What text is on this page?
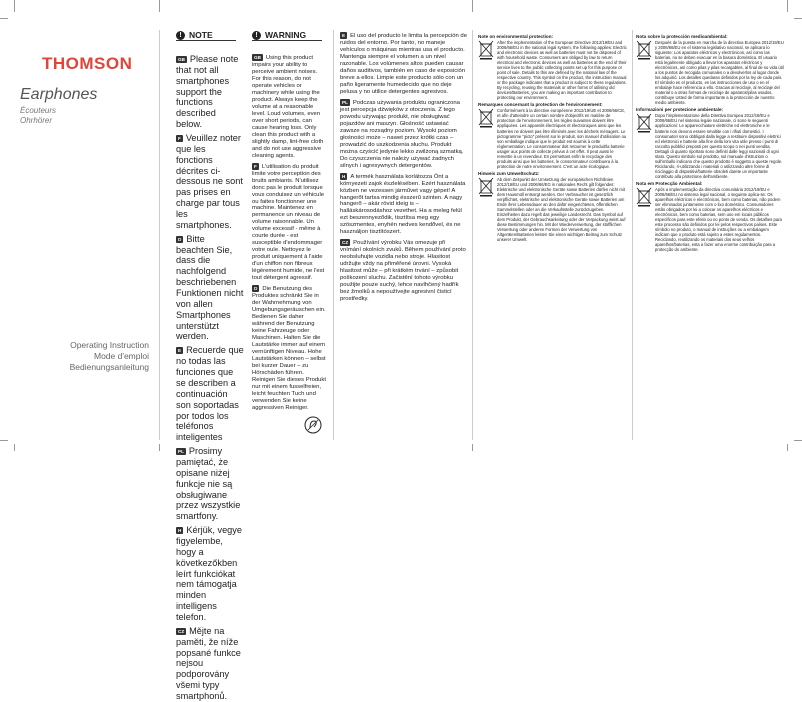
THOMSON
Earphones
Écouteurs
Ohrhörer
Operating Instruction
Mode d'emploi
Bedienungsanleitung
! NOTE

GB Please note that not all smartphones support the functions described below.

F Veuillez noter que les fonctions décrites ci-dessous ne sont pas prises en charge par tous les smartphones.

D Bitte beachten Sie, dass die nachfolgend beschriebenen Funktionen nicht von allen Smartphones unterstützt werden.

E Recuerde que no todas las funciones que se describen a continuación son soportadas por todos los teléfonos inteligentes

PL Prosimy pamiętać, że opisane niżej funkcje nie są obsługiwane przez wszystkie smartfony.

H Kérjük, vegye figyelembe, hogy a következőkben leírt funkciókat nem támogatja minden intelligens telefon.

CZ Mějte na paměti, že níže popsané funkce nejsou podporovány všemi typy smartphonů.

! WARNING

GB Using this product impairs your ability to perceive ambient noises. For this reason, do not operate vehicles or machinery while using the product. Always keep the volume at a reasonable level. Loud volumes, even over short periods, can cause hearing loss. Only clean this product with a slightly damp, lint-free cloth and do not use aggressive cleaning agents.

F L'utilisation du produit limite votre perception des bruits ambiants. N'utilisez donc pas le produit lorsque vous conduisez un véhicule ou faites fonctionner une machine. Maintenez en permanence un niveau de volume raisonnable. Un volume excessif - même à courte durée - est susceptible d'endommager votre ouïe. Nettoyez le produit uniquement à l'aide d'un chiffon non fibreux légèrement humide, ne l'est tout détergent agressif.

D Die Benutzung des Produktes schränkt Sie in der Wahrnehmung von Umgebungsgeräuschen ein. Bedienen Sie daher während der Benutzung keine Fahrzeuge oder Maschinen. Halten Sie die Lautstärke immer auf einem vernünftigen Niveau. Hohe Lautstärken können – selbst bei kurzer Dauer – zu Hörschäden führen. Reinigen Sie dieses Produkt nur mit einem fusselfreien, leicht feuchten Tuch und verwenden Sie keine aggressiven Reiniger.

E El uso del producto le limita la percepción de ruidos del entorno. Por tanto, no maneje vehículos o máquinas mientras usa el producto. Mantenga siempre el volumen a un nivel razonable. Los volúmenes altos pueden causar daños auditivos, también en caso de exposición breve a ellos. Limpie este producto sólo con un paño ligeramente humedecido que no deje pelusa y no utilice detergentes agresivos.

PL Podczas używania produktu ograniczona jest percepcja dźwięków z otoczenia. Z tego powodu używając produkt, nie obsługiwać pojazdów ani maszyn. Głośność ustawiać zawsze na rozsądny poziom. Wysoki poziom głośności może – nawet przez krótki czas – prowadzić do uszkodzenia słuchu. Produkt można czyścić jedynie lekko zwilżoną szmatką. Do czyszczenia nie należy używać żadnych silnych i agresywnych detergentów.

H A termék használata korlátozza Önt a környezeti zajok észlelésében. Ezért használata közben ne vezessen járművet vagy gépet! A hangerőt tartsa mindig ésszerű szinten. A nagy hangerő – akár rövid ideig is – halláskárosodáshoz vezethet. Ha a meleg felül ezt beszennyeződik, tisztítsa meg egy szöszmentes, enyhén nedves kendővel, és ne használjon tisztítószert.

CZ Používání výrobku Vás omezuje při vnímání okolních zvuků. Během používání proto neobsluhujte vozidla nebo stroje. Hlasitost udržujte vždy na přiměřené úrovni. Vysoká hlasitost může – při krátkém trvání – způsobit poškození sluchu. Začistění tohoto výrobku použijte pouze suchý, lehce navlhčený hadřík bez žmolků a nepoužívejte agresivní čisticí prostředky.

Note on environmental protection:
After the implementation of the European Directive 2012/19/EU and 2006/66/EU in the national legal system, the following applies: Electric and electronic devices as well as batteries must not be disposed of with household waste. Consumers are obliged by law to return electrical and electronic devices as well as batteries at the end of their service lives to the public collecting points set up for this purpose or point of sale. Details to this are defined by the national law of the respective country. This symbol on the product, the instruction manual or the package indicates that a product is subject to these regulations. By recycling, reusing the materials or other forms of utilising old devices/Batteries, you are making an important contribution to protecting our environment.
Remarques concernant la protection de l'environnement:
Conformément à la directive européenne 2012/19/UE et 2006/66/CE, et afin d'atteindre un certain nombre d'objectifs en matière de protection de l'environnement, les règles suivantes doivent être appliquées. Les appareils électriques et électroniques ainsi que les batteries ne doivent pas être éliminés avec les déchets ménagers. Le pictogramme "picto" présent sur le produit, son manuel d'utilisation ou son emballage indique que le produit est soumis à cette réglementation. Le consommateur doit retourner le produit/la batterie usager aux points de collecte prévus à cet effet. Il peut aussi le remettre à un revendeur. En permettant enfin le recyclage des produits ainsi que les batteries, le consommateur contribuera à la protection de notre environnement. C'est un acte écologique.
Hinweis zum Umweltschutz:
Ab dem Zeitpunkt der Umsetzung der europäischen Richtlinien 2012/19/EU und 2006/66/EG in nationales Recht gilt folgendes: Elektrische und elektronische Geräte sowie Batterien dürfen nicht mit dem Hausmüll entsorgt werden. Der Verbraucher ist gesetzlich verpflichtet, elektrische und elektronische Geräte sowie Batterien am Ende ihrer Lebensdauer an den dafür eingerichteten, öffentlichen Sammelstellen oder an die Verkaufsstelle zurückzugeben. Einzelheiten dazu regelt das jeweilige Landesrecht. Das Symbol auf dem Produkt, der Gebrauchsanleitung oder der Verpackung weist auf diese Bestimmungen hin. Mit der Wiederverwertung, der stofflichen Verwertung oder anderen Formen der Verwertung von Altgeräten/Batterien leisten Sie einen wichtigen Beitrag zum Schutz unserer Umwelt.
Nota sobre la protección medioambiental:
Después de la puesta en marcha de la directiva Europea 2012/19/EU y 2006/66/EU en el sistema legislativo nacional, se aplicara lo siguiente: Los aparatos eléctricos y electrónicos, así como las baterías, no se deben evacuar en la basura doméstica. El usuario está legalmente obligado a llevar los aparatos eléctricos y electrónicos, así como pilas y pilas recargables, al final de su vida útil a los puntos de recogida comunales o a devolverlos al lugar donde los adquirió. Los detalles quedaran definidos por la ley de cada país. El símbolo en el producto, en las instrucciones de uso o en el embalaje hace referencia a ello. Gracias al reciclaje, al reciclaje del material o a otras formas de reciclaje de aparatos/pilas usados, contribuye Usted de forma importante a la protección de nuestro medio ambiente.
Informazioni per protezione ambientale:
Dopo l'implementazione della Direttiva Europea 2012/19/EU e 2006/66/EU nel sistema legale nazionale, ci sono le seguenti applicazioni: Le apparecchiature elettriche ed elettroniche e le batterie non devono essere smaltite con i rifiuti domestici. I consumatori sono obbligati dalla legge a restituire dispositivi elettrici ed elettronici e batterie alla fine della loro vita utile presso i punti di raccolta pubblici preposti per questo scopo o nei punti vendita. Dettagli di quanto riportato sono definiti dalle leggi nazionali di ogni stato. Questo simbolo sul prodotto, sul manuale d'istruzioni o sull'imballo indicano che questo prodotto è soggetto a queste regole. Riciclando, ri-utilizzando i materiali o utilizzando altre forme di riciclaggio di dispositivi/batterie obsoleti darete un importante contributo alla protezione dell'ambiente.
Nota em Protecção Ambiental:
Após a implementação da directiva comunitária 2012/19/EU e 2006/66/EU no sistema legal nacional, o seguinte aplica-se: Os aparelhos eléctricos e electrónicos, bem como baterias, não podem ser eliminados juntamente com o lixo doméstico. Consumidores estão obrigados por lei a colocar os aparelhos eléctricos e electrónicos, bem como baterias, sem uso em locais públicos específicos para este efeito ou no ponto de venda. Os detalhes para este processo são definidos por lei pelos respectivos países. Este símbolo no produto, o manual de instruções ou a embalagem indicam que o produto está sujeito a estes regulamentos. Reciclando, reutilizando os materiais dos seus velhos aparelhos/baterias, esta a fazer uma enorme contribuição para a protecção do ambiente.
